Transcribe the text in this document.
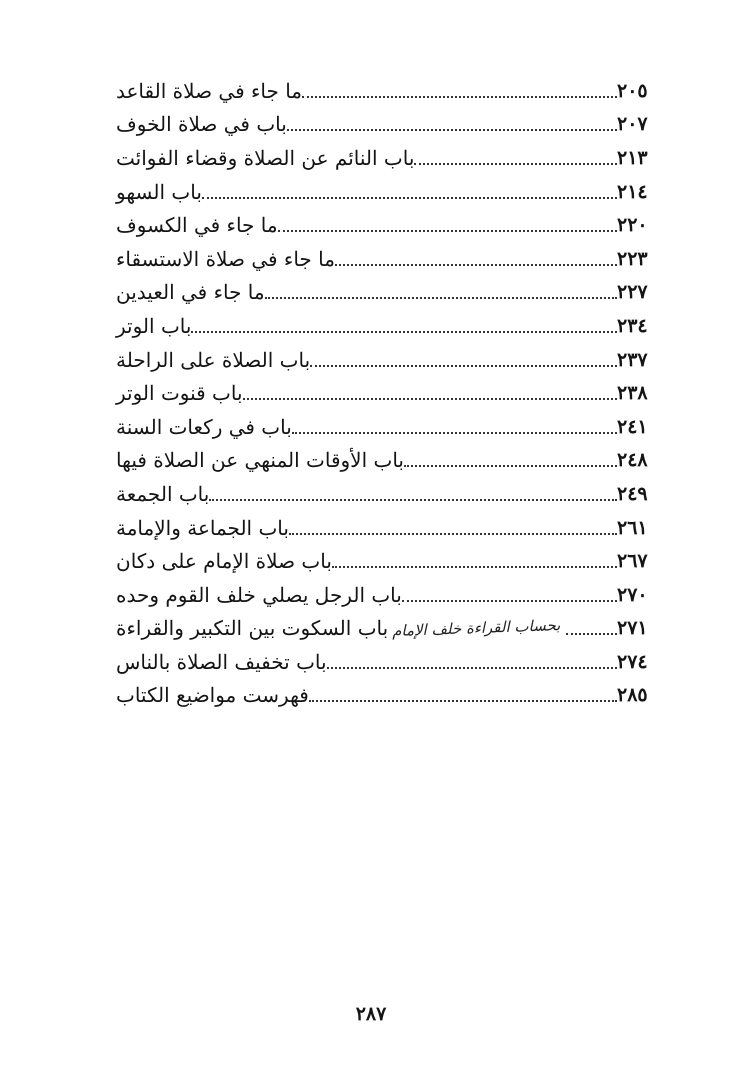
ما جاء في صلاة القاعد	٢٠٥
باب في صلاة الخوف	٢٠٧
باب النائم عن الصلاة وقضاء الفوائت	٢١٣
باب السهو	٢١٤
ما جاء في الكسوف	٢٢٠
ما جاء في صلاة الاستسقاء	٢٢٣
ما جاء في العيدين	٢٢٧
باب الوتر	٢٣٤
باب الصلاة على الراحلة	٢٣٧
باب قنوت الوتر	٢٣٨
باب في ركعات السنة	٢٤١
باب الأوقات المنهي عن الصلاة فيها	٢٤٨
باب الجمعة	٢٤٩
باب الجماعة والإمامة	٢٦١
باب صلاة الإمام على دكان	٢٦٧
باب الرجل يصلي خلف القوم وحده	٢٧٠
باب السكوت بين التكبير والقراءة بحساب القراءة خلف الإمام	٢٧١
باب تخفيف الصلاة بالناس	٢٧٤
فهرست مواضيع الكتاب	٢٨٥
٢٨٧
